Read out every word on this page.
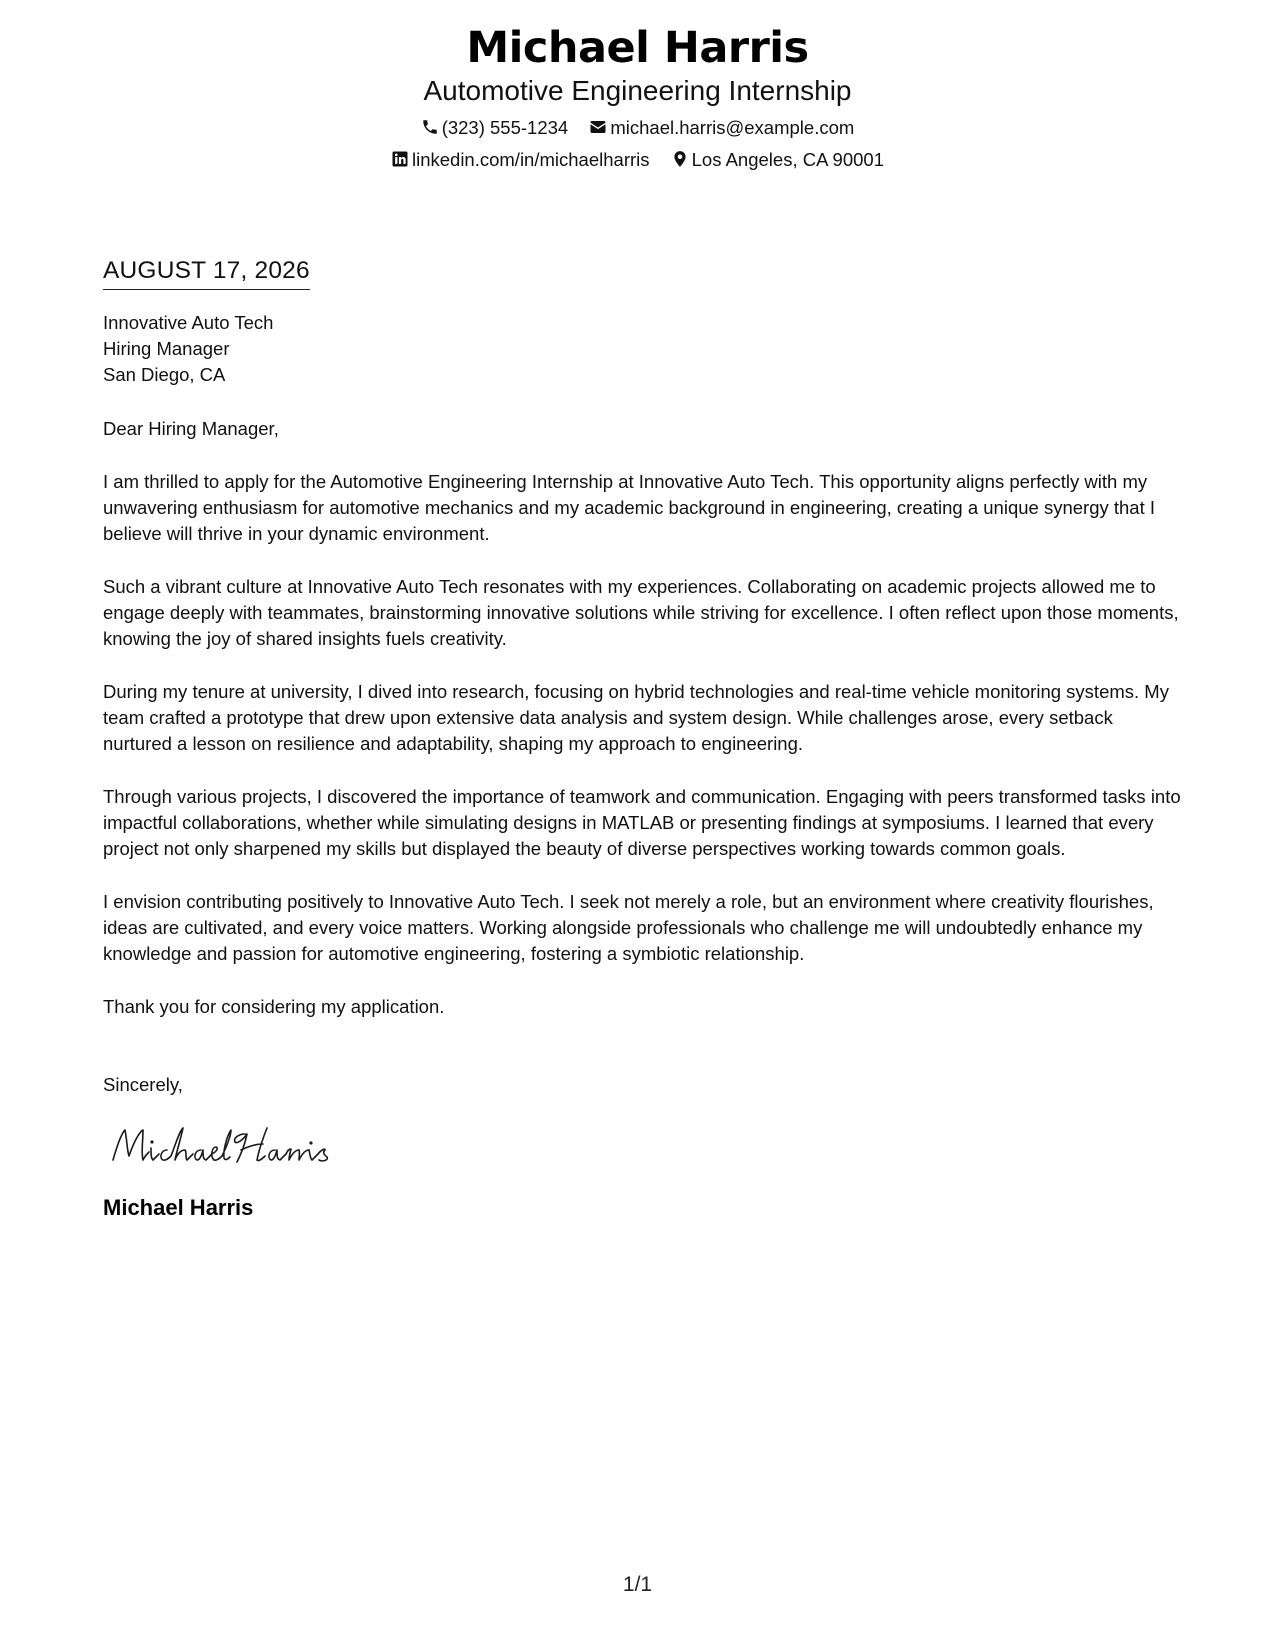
Michael Harris
Automotive Engineering Internship
(323) 555-1234 michael.harris@example.com
linkedin.com/in/michaelharris Los Angeles, CA 90001
AUGUST 17, 2026
Innovative Auto Tech
Hiring Manager
San Diego, CA
Dear Hiring Manager,
I am thrilled to apply for the Automotive Engineering Internship at Innovative Auto Tech. This opportunity aligns perfectly with my unwavering enthusiasm for automotive mechanics and my academic background in engineering, creating a unique synergy that I believe will thrive in your dynamic environment.
Such a vibrant culture at Innovative Auto Tech resonates with my experiences. Collaborating on academic projects allowed me to engage deeply with teammates, brainstorming innovative solutions while striving for excellence. I often reflect upon those moments, knowing the joy of shared insights fuels creativity.
During my tenure at university, I dived into research, focusing on hybrid technologies and real-time vehicle monitoring systems. My team crafted a prototype that drew upon extensive data analysis and system design. While challenges arose, every setback nurtured a lesson on resilience and adaptability, shaping my approach to engineering.
Through various projects, I discovered the importance of teamwork and communication. Engaging with peers transformed tasks into impactful collaborations, whether while simulating designs in MATLAB or presenting findings at symposiums. I learned that every project not only sharpened my skills but displayed the beauty of diverse perspectives working towards common goals.
I envision contributing positively to Innovative Auto Tech. I seek not merely a role, but an environment where creativity flourishes, ideas are cultivated, and every voice matters. Working alongside professionals who challenge me will undoubtedly enhance my knowledge and passion for automotive engineering, fostering a symbiotic relationship.
Thank you for considering my application.
Sincerely,
Michael Harris
1/1
